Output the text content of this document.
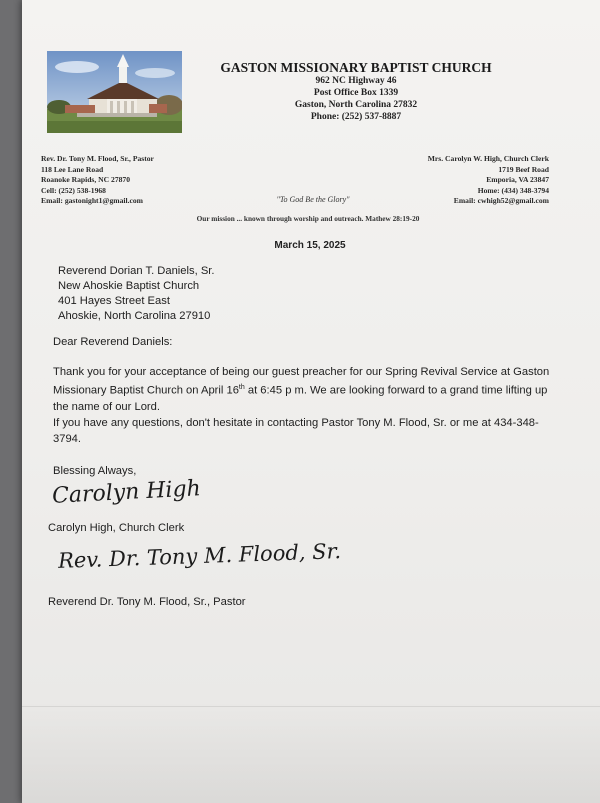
GASTON MISSIONARY BAPTIST CHURCH
962 NC Highway 46
Post Office Box 1339
Gaston, North Carolina 27832
Phone: (252) 537-8887
Rev. Dr. Tony M. Flood, Sr., Pastor
118 Lee Lane Road
Roanoke Rapids, NC 27870
Cell: (252) 538-1968
Email: gastonight1@gmail.com
Mrs. Carolyn W. High, Church Clerk
1719 Beef Road
Emporia, VA 23847
Home: (434) 348-3794
Email: cwhigh52@gmail.com
"To God Be the Glory"
Our mission ... known through worship and outreach. Mathew 28:19-20
March 15, 2025
Reverend Dorian T. Daniels, Sr.
New Ahoskie Baptist Church
401 Hayes Street East
Ahoskie, North Carolina 27910
Dear Reverend Daniels:
Thank you for your acceptance of being our guest preacher for our Spring Revival Service at Gaston Missionary Baptist Church on April 16th at 6:45 p m. We are looking forward to a grand time lifting up the name of our Lord.
If you have any questions, don't hesitate in contacting Pastor Tony M. Flood, Sr. or me at 434-348-3794.
Blessing Always,
Carolyn High
Carolyn High, Church Clerk
Rev. Dr. Tony M. Flood, Sr.
Reverend Dr. Tony M. Flood, Sr., Pastor
